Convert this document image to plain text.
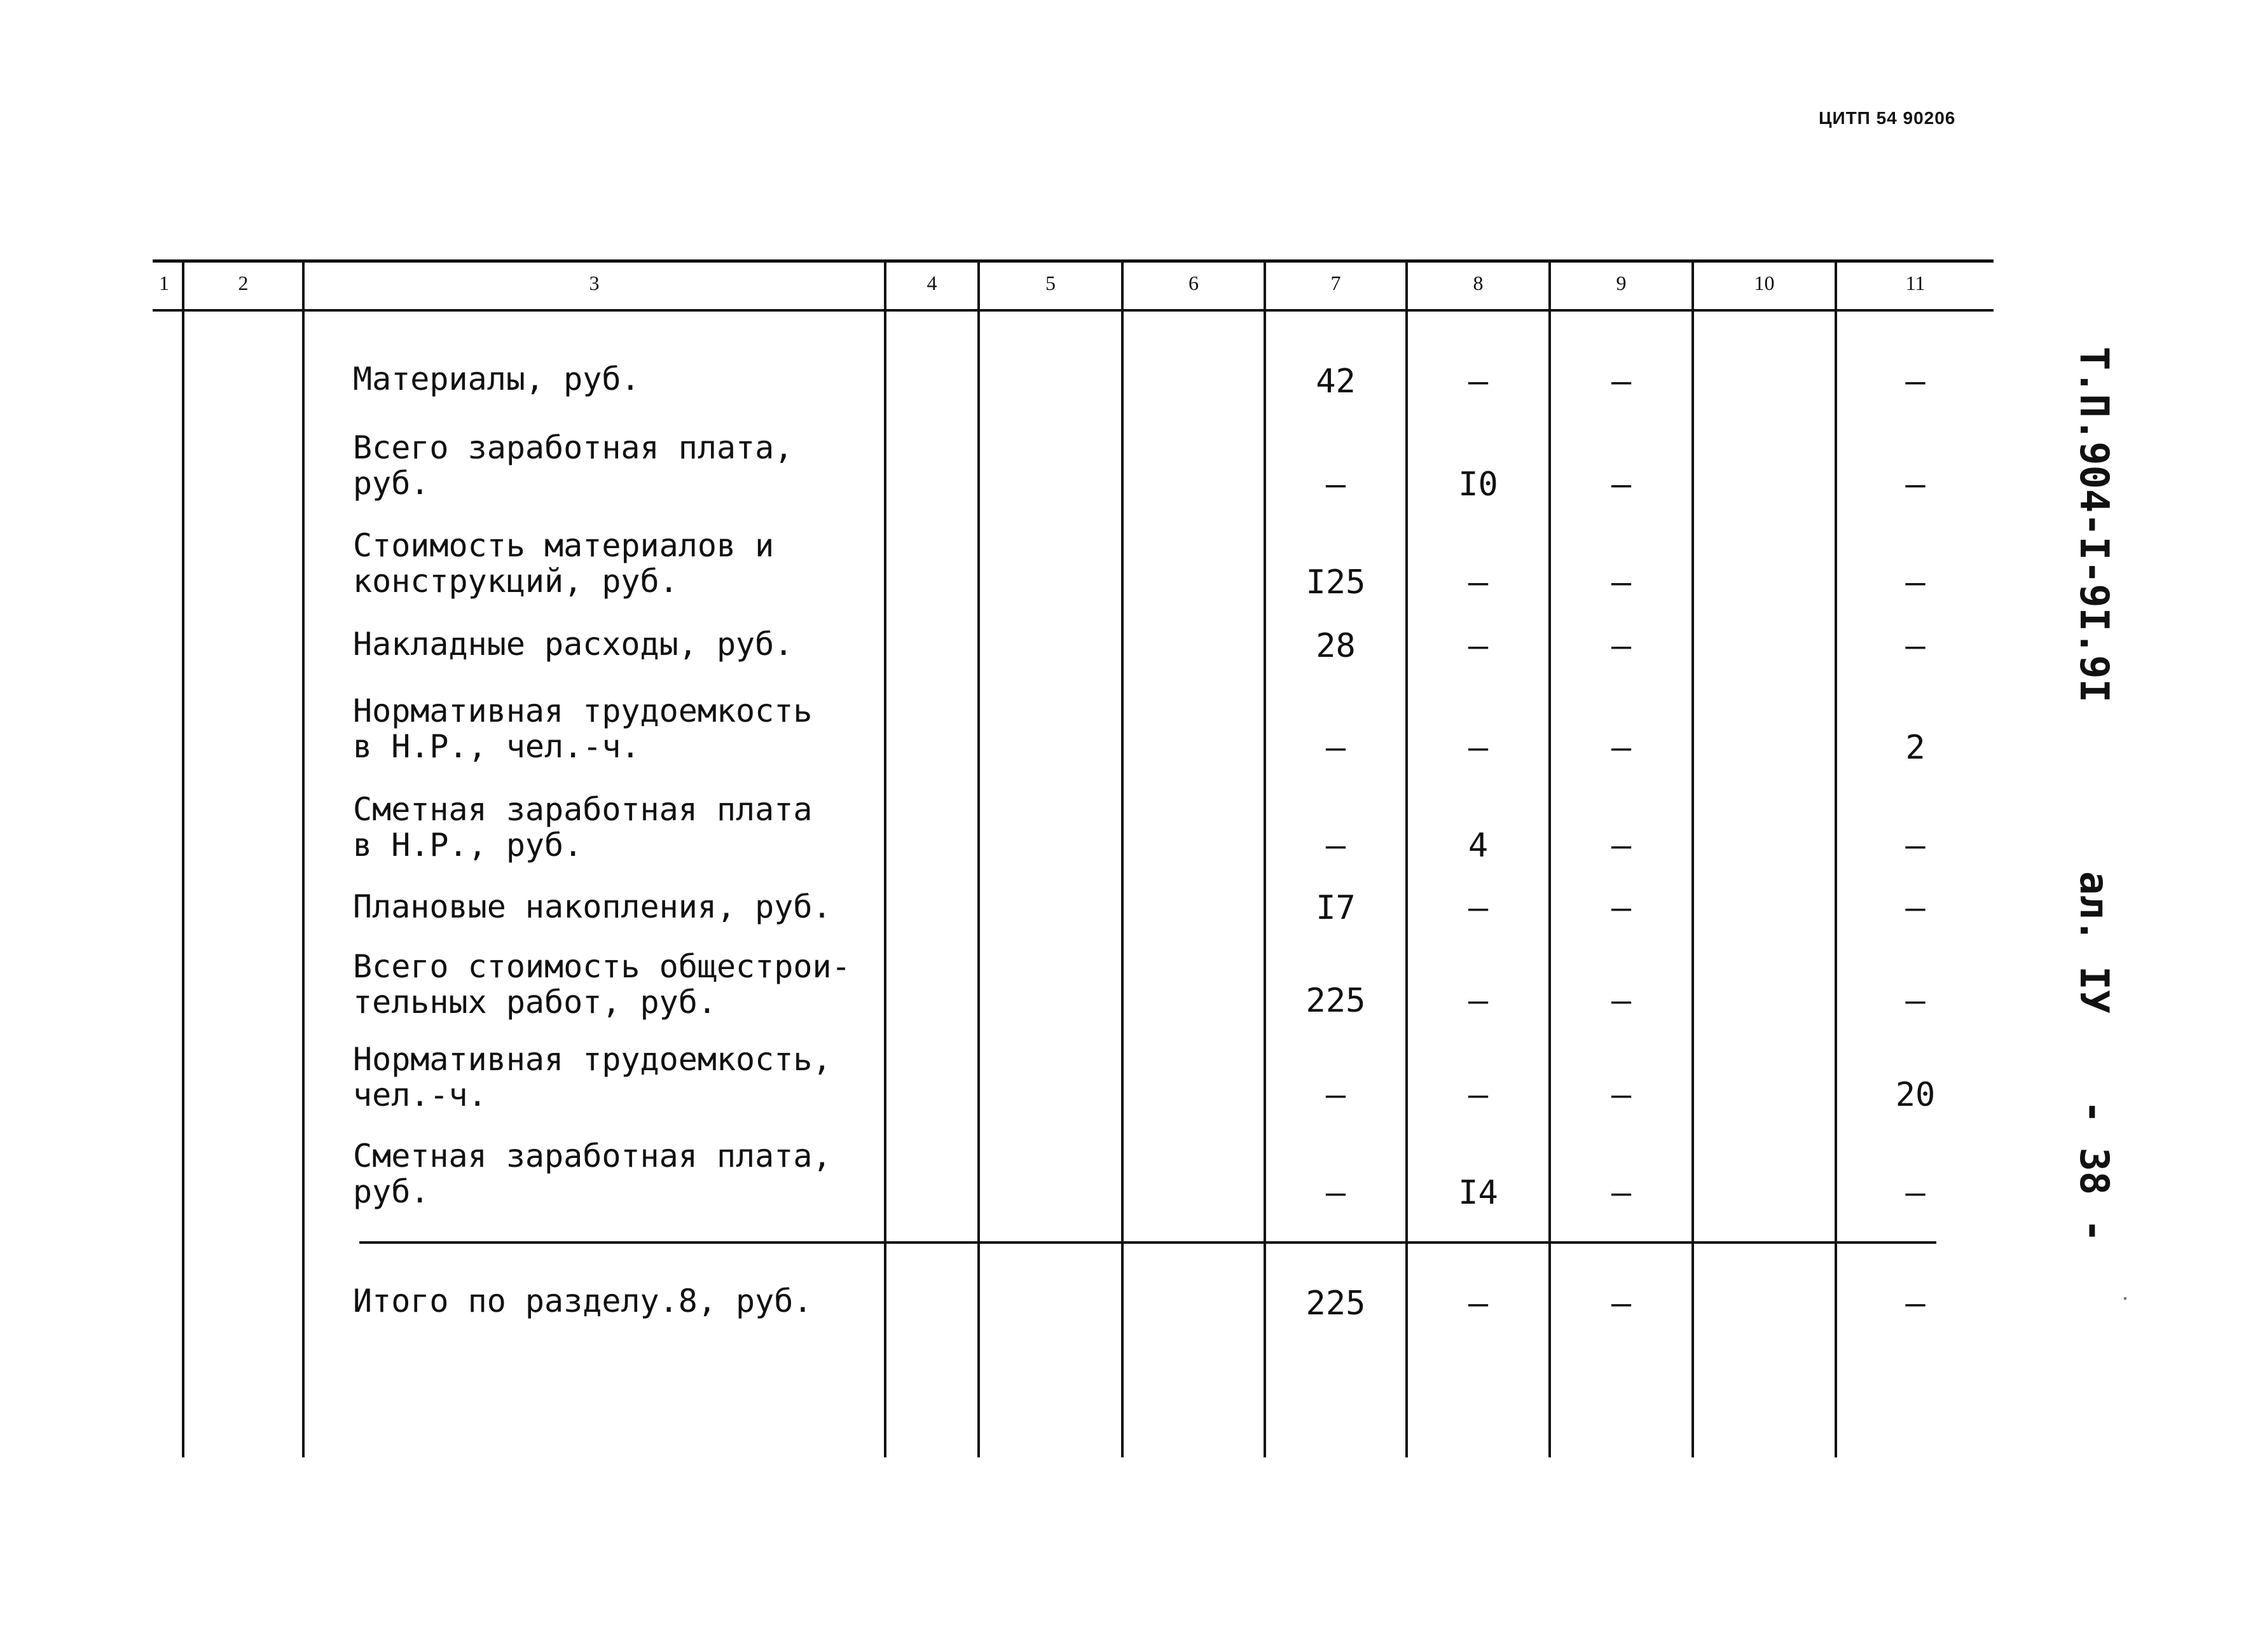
ЦИТП 54 90206
1	2	3	4	5	6	7	8	9	10	11
Материалы, руб.	42	–	–	–
Всего заработная плата,
руб.	–	I0	–	–
Стоимость материалов и
конструкций, руб.	I25	–	–	–
Накладные расходы, руб.	28	–	–	–
Нормативная трудоемкость
в Н.Р., чел.-ч.	–	–	–	2
Сметная заработная плата
в Н.Р., руб.	–	4	–	–
Плановые накопления, руб.	I7	–	–	–
Всего стоимость общестрои-
тельных работ, руб.	225	–	–	–
Нормативная трудоемкость,
чел.-ч.	–	–	–	20
Сметная заработная плата,
руб.	–	I4	–	–
Итого по разделу.8, руб.	225	–	–	–
Т.П.904-I-9I.9I
ал. IУ
- 38 -
